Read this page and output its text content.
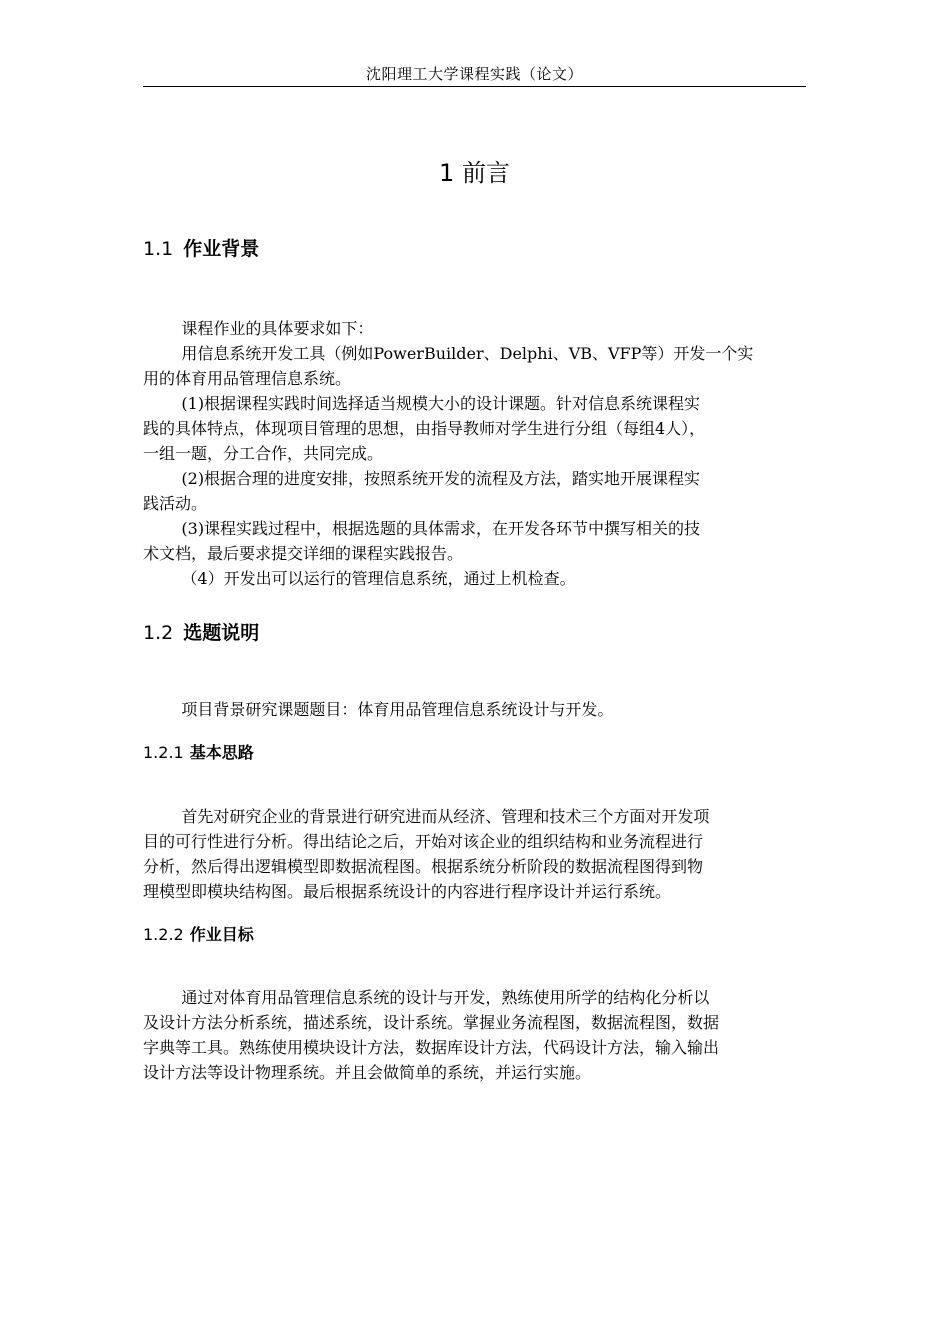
沈阳理工大学课程实践（论文）
1 前言
1.1 作业背景
课程作业的具体要求如下：
用信息系统开发工具（例如PowerBuilder、Delphi、VB、VFP等）开发一个实
用的体育用品管理信息系统。
(1)根据课程实践时间选择适当规模大小的设计课题。针对信息系统课程实
践的具体特点，体现项目管理的思想，由指导教师对学生进行分组（每组4人），
一组一题，分工合作，共同完成。
(2)根据合理的进度安排，按照系统开发的流程及方法，踏实地开展课程实
践活动。
(3)课程实践过程中，根据选题的具体需求，在开发各环节中撰写相关的技
术文档，最后要求提交详细的课程实践报告。
（4）开发出可以运行的管理信息系统，通过上机检查。
1.2 选题说明
项目背景研究课题题目：体育用品管理信息系统设计与开发。
1.2.1 基本思路
首先对研究企业的背景进行研究进而从经济、管理和技术三个方面对开发项
目的可行性进行分析。得出结论之后，开始对该企业的组织结构和业务流程进行
分析，然后得出逻辑模型即数据流程图。根据系统分析阶段的数据流程图得到物
理模型即模块结构图。最后根据系统设计的内容进行程序设计并运行系统。
1.2.2 作业目标
通过对体育用品管理信息系统的设计与开发，熟练使用所学的结构化分析以
及设计方法分析系统，描述系统，设计系统。掌握业务流程图，数据流程图，数据
字典等工具。熟练使用模块设计方法，数据库设计方法，代码设计方法，输入输出
设计方法等设计物理系统。并且会做简单的系统，并运行实施。
